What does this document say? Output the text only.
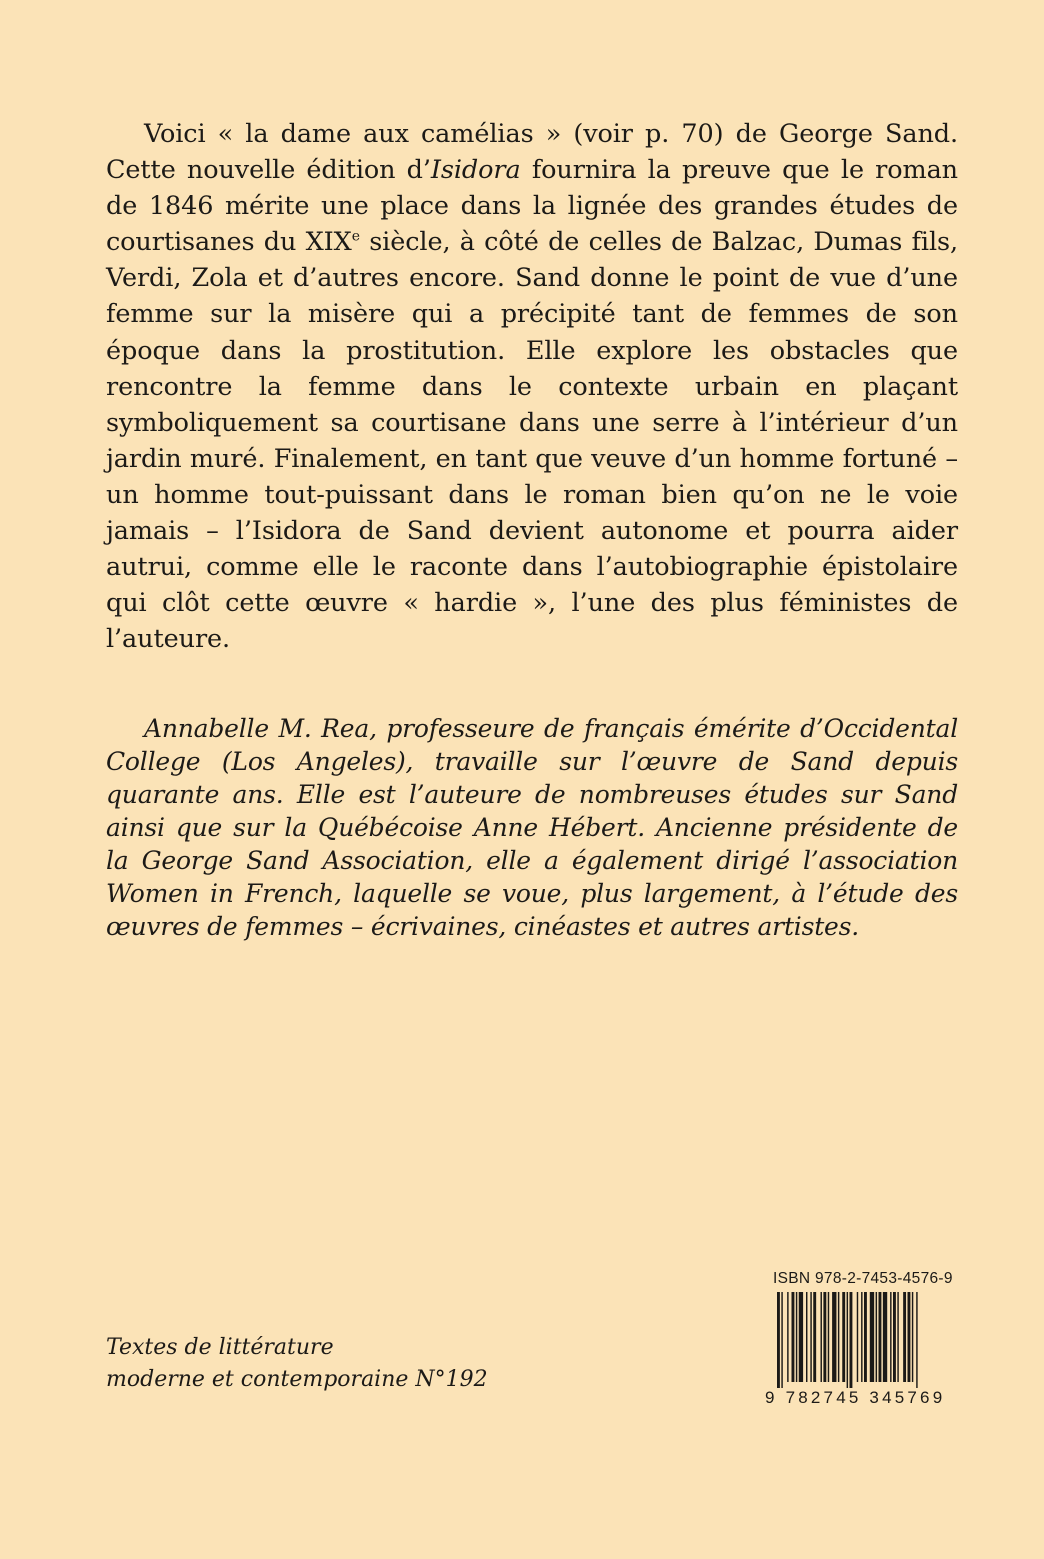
Voici « la dame aux camélias » (voir p. 70) de George Sand. Cette nouvelle édition d’Isidora fournira la preuve que le roman de 1846 mérite une place dans la lignée des grandes études de courtisanes du XIXe siècle, à côté de celles de Balzac, Dumas fils, Verdi, Zola et d’autres encore. Sand donne le point de vue d’une femme sur la misère qui a précipité tant de femmes de son époque dans la prostitution. Elle explore les obstacles que rencontre la femme dans le contexte urbain en plaçant symboliquement sa courtisane dans une serre à l’intérieur d’un jardin muré. Finalement, en tant que veuve d’un homme fortuné – un homme tout-puissant dans le roman bien qu’on ne le voie jamais – l’Isidora de Sand devient autonome et pourra aider autrui, comme elle le raconte dans l’autobiographie épistolaire qui clôt cette œuvre « hardie », l’une des plus féministes de l’auteure.

Annabelle M. Rea, professeure de français émérite d’Occidental College (Los Angeles), travaille sur l’œuvre de Sand depuis quarante ans. Elle est l’auteure de nombreuses études sur Sand ainsi que sur la Québécoise Anne Hébert. Ancienne présidente de la George Sand Association, elle a également dirigé l’association Women in French, laquelle se voue, plus largement, à l’étude des œuvres de femmes – écrivaines, cinéastes et autres artistes.

Textes de littérature
moderne et contemporaine N°192
ISBN 978-2-7453-4576-9
9 782745 345769
